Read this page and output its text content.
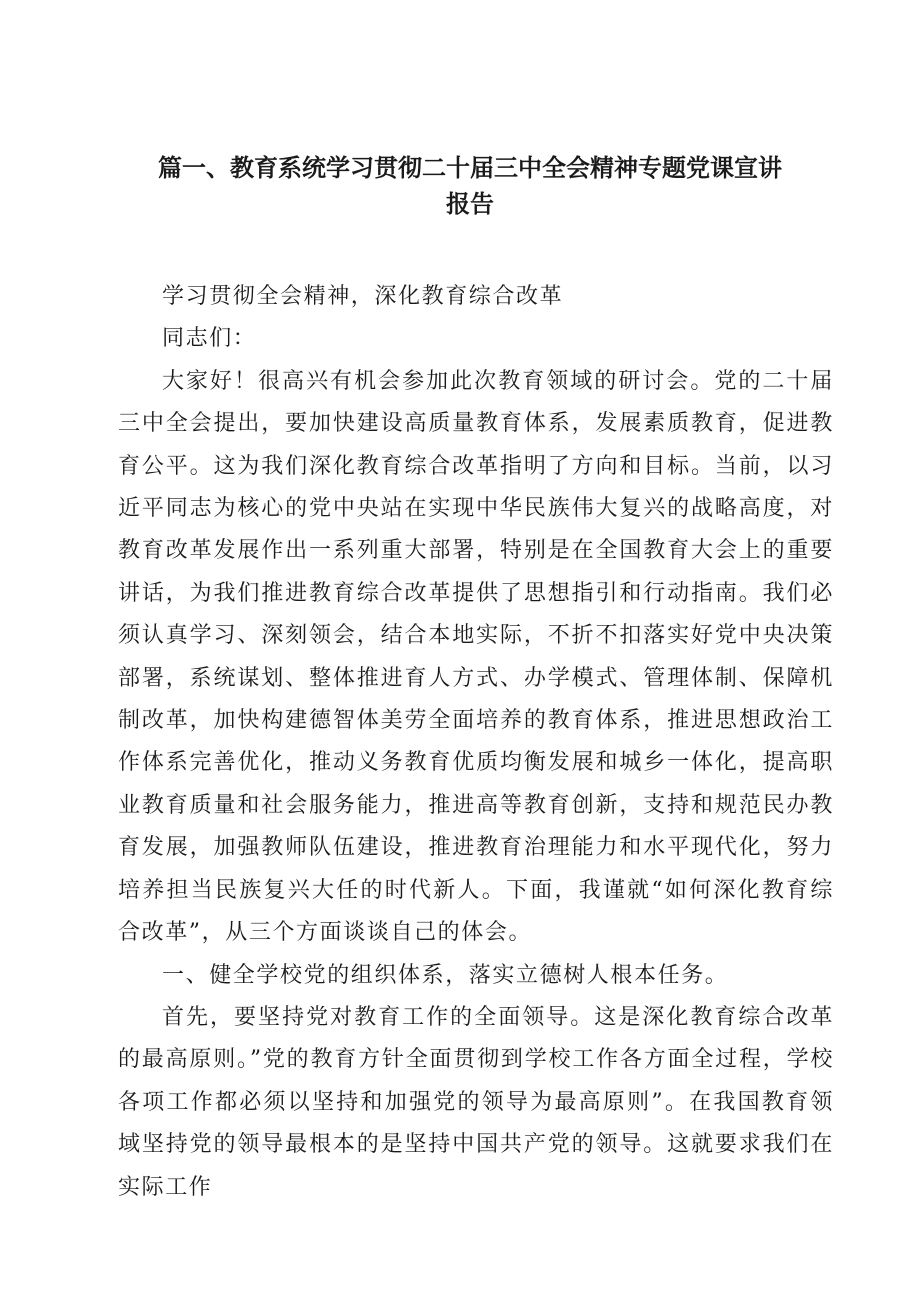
篇一、教育系统学习贯彻二十届三中全会精神专题党课宣讲报告

学习贯彻全会精神，深化教育综合改革

同志们：

大家好！很高兴有机会参加此次教育领域的研讨会。党的二十届三中全会提出，要加快建设高质量教育体系，发展素质教育，促进教育公平。这为我们深化教育综合改革指明了方向和目标。当前，以习近平同志为核心的党中央站在实现中华民族伟大复兴的战略高度，对教育改革发展作出一系列重大部署，特别是在全国教育大会上的重要讲话，为我们推进教育综合改革提供了思想指引和行动指南。我们必须认真学习、深刻领会，结合本地实际，不折不扣落实好党中央决策部署，系统谋划、整体推进育人方式、办学模式、管理体制、保障机制改革，加快构建德智体美劳全面培养的教育体系，推进思想政治工作体系完善优化，推动义务教育优质均衡发展和城乡一体化，提高职业教育质量和社会服务能力，推进高等教育创新，支持和规范民办教育发展，加强教师队伍建设，推进教育治理能力和水平现代化，努力培养担当民族复兴大任的时代新人。下面，我谨就“如何深化教育综合改革”，从三个方面谈谈自己的体会。

一、健全学校党的组织体系，落实立德树人根本任务。

首先，要坚持党对教育工作的全面领导。这是深化教育综合改革的最高原则。”党的教育方针全面贯彻到学校工作各方面全过程，学校各项工作都必须以坚持和加强党的领导为最高原则”。在我国教育领域坚持党的领导最根本的是坚持中国共产党的领导。这就要求我们在实际工作
